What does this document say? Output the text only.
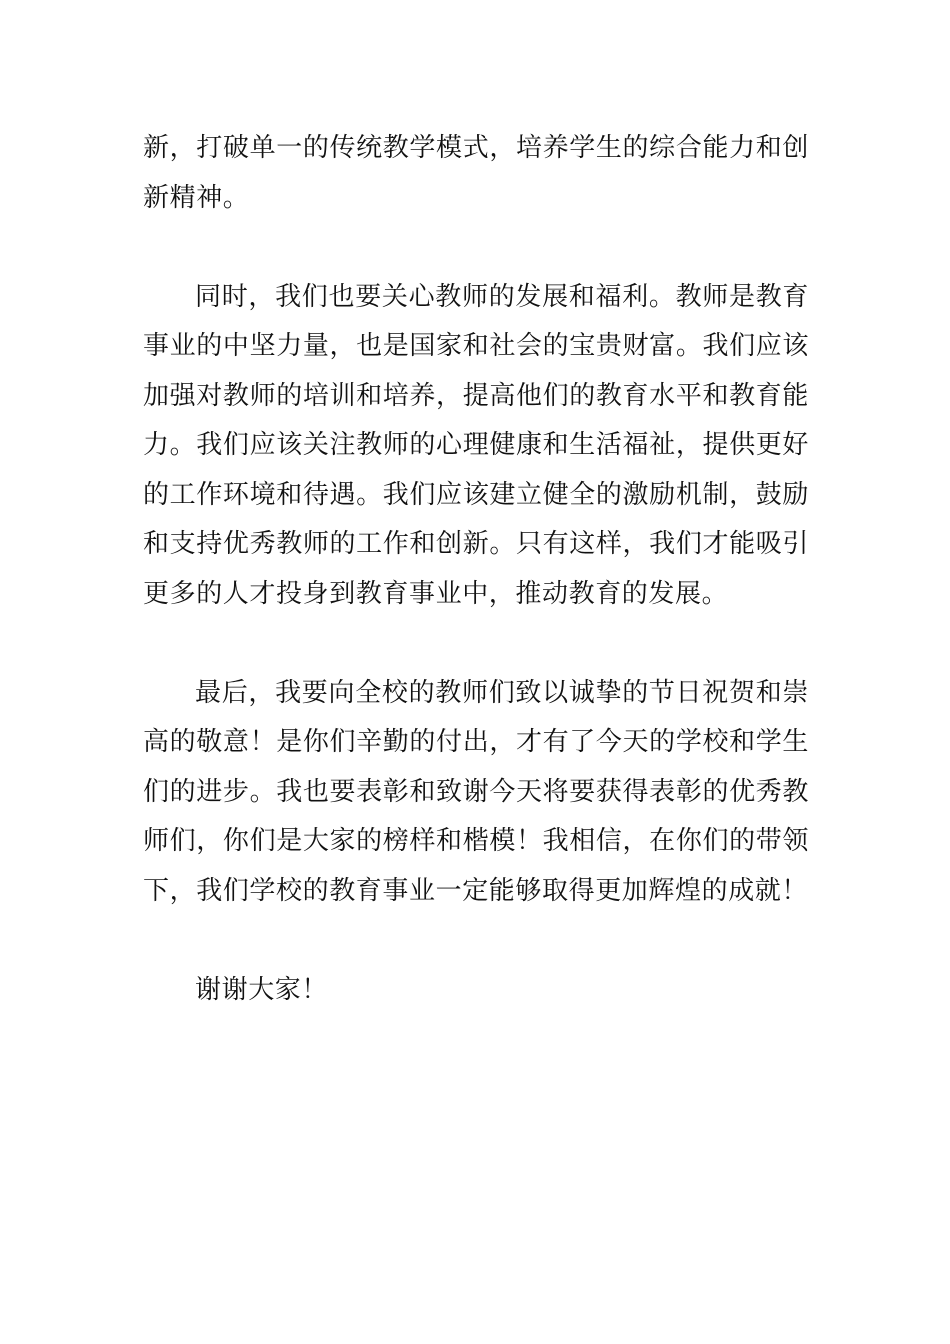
新，打破单一的传统教学模式，培养学生的综合能力和创新精神。

同时，我们也要关心教师的发展和福利。教师是教育事业的中坚力量，也是国家和社会的宝贵财富。我们应该加强对教师的培训和培养，提高他们的教育水平和教育能力。我们应该关注教师的心理健康和生活福祉，提供更好的工作环境和待遇。我们应该建立健全的激励机制，鼓励和支持优秀教师的工作和创新。只有这样，我们才能吸引更多的人才投身到教育事业中，推动教育的发展。

最后，我要向全校的教师们致以诚挚的节日祝贺和崇高的敬意！是你们辛勤的付出，才有了今天的学校和学生们的进步。我也要表彰和致谢今天将要获得表彰的优秀教师们，你们是大家的榜样和楷模！我相信，在你们的带领下，我们学校的教育事业一定能够取得更加辉煌的成就！

谢谢大家！
